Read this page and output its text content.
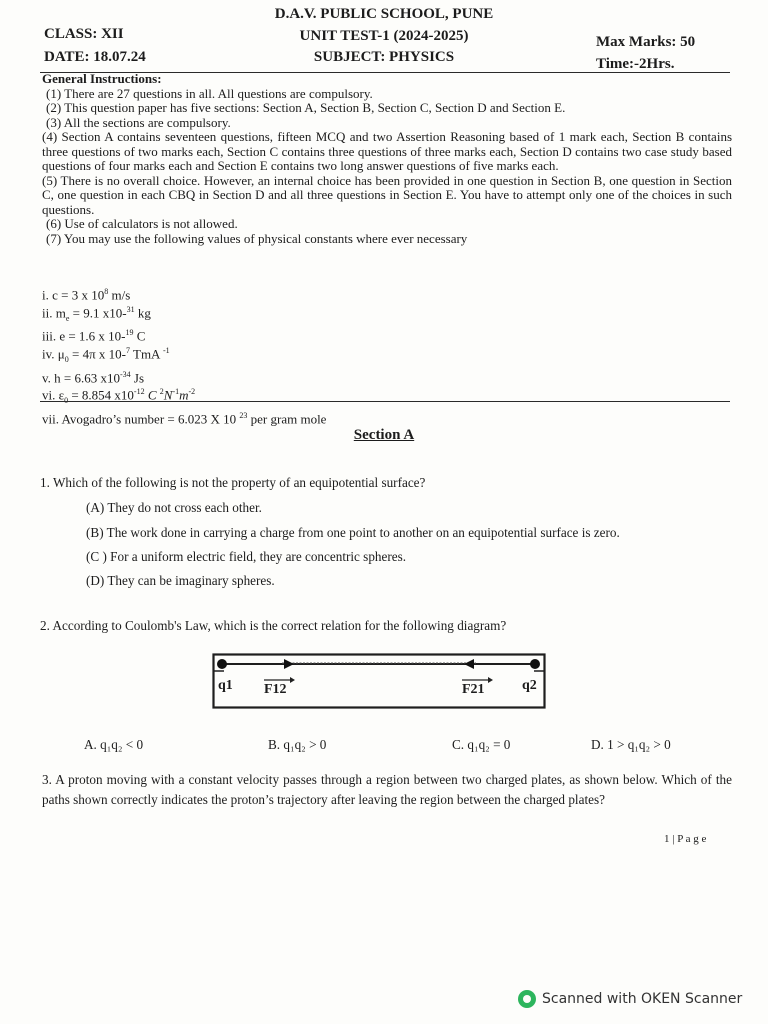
D.A.V. PUBLIC SCHOOL, PUNE
UNIT TEST-1 (2024-2025)
SUBJECT: PHYSICS
CLASS: XII
DATE: 18.07.24
Max Marks: 50
Time:-2Hrs.

General Instructions:

(1) There are 27 questions in all. All questions are compulsory.

(2) This question paper has five sections: Section A, Section B, Section C, Section D and Section E.

(3) All the sections are compulsory.

(4) Section A contains seventeen questions, fifteen MCQ and two Assertion Reasoning based of 1 mark each, Section B contains three questions of two marks each, Section C contains three questions of three marks each, Section D contains two case study based questions of four marks each and Section E contains two long answer questions of five marks each.

(5) There is no overall choice. However, an internal choice has been provided in one question in Section B, one question in Section C, one question in each CBQ in Section D and all three questions in Section E. You have to attempt only one of the choices in such questions.

(6) Use of calculators is not allowed.

(7) You may use the following values of physical constants where ever necessary

i. c = 3 x $10^8$ m/s
ii. $m_e = 9.1$ x10-$^{31}$ kg
iii. e = 1.6 x 10-$^{19}$ C
iv. $\mu_0 = 4\pi$ x 10-$^7$ TmA $^{-1}$
v. h = 6.63 $x10^{-34}$ Js
vi. $\varepsilon_0 = 8.854$ $x10^{-12}$ C $^2N^{-1}m^{-2}$
vii. Avogadro’s number = 6.023 X 10 $^{23}$ per gram mole
Section A
1. Which of the following is not the property of an equipotential surface?
(A) They do not cross each other.
(B) The work done in carrying a charge from one point to another on an equipotential surface is zero.
(C ) For a uniform electric field, they are concentric spheres.
(D) They can be imaginary spheres.
2. According to Coulomb's Law, which is the correct relation for the following diagram?
q1	q2
F12	F21
A. q₁q₂ < 0	B. q₁q₂ > 0	C. q₁q₂ = 0	D. 1 > q₁q₂ > 0
3. A proton moving with a constant velocity passes through a region between two charged plates, as shown below. Which of the paths shown correctly indicates the proton’s trajectory after leaving the region between the charged plates?
1 | P a g e
Scanned with OKEN Scanner
